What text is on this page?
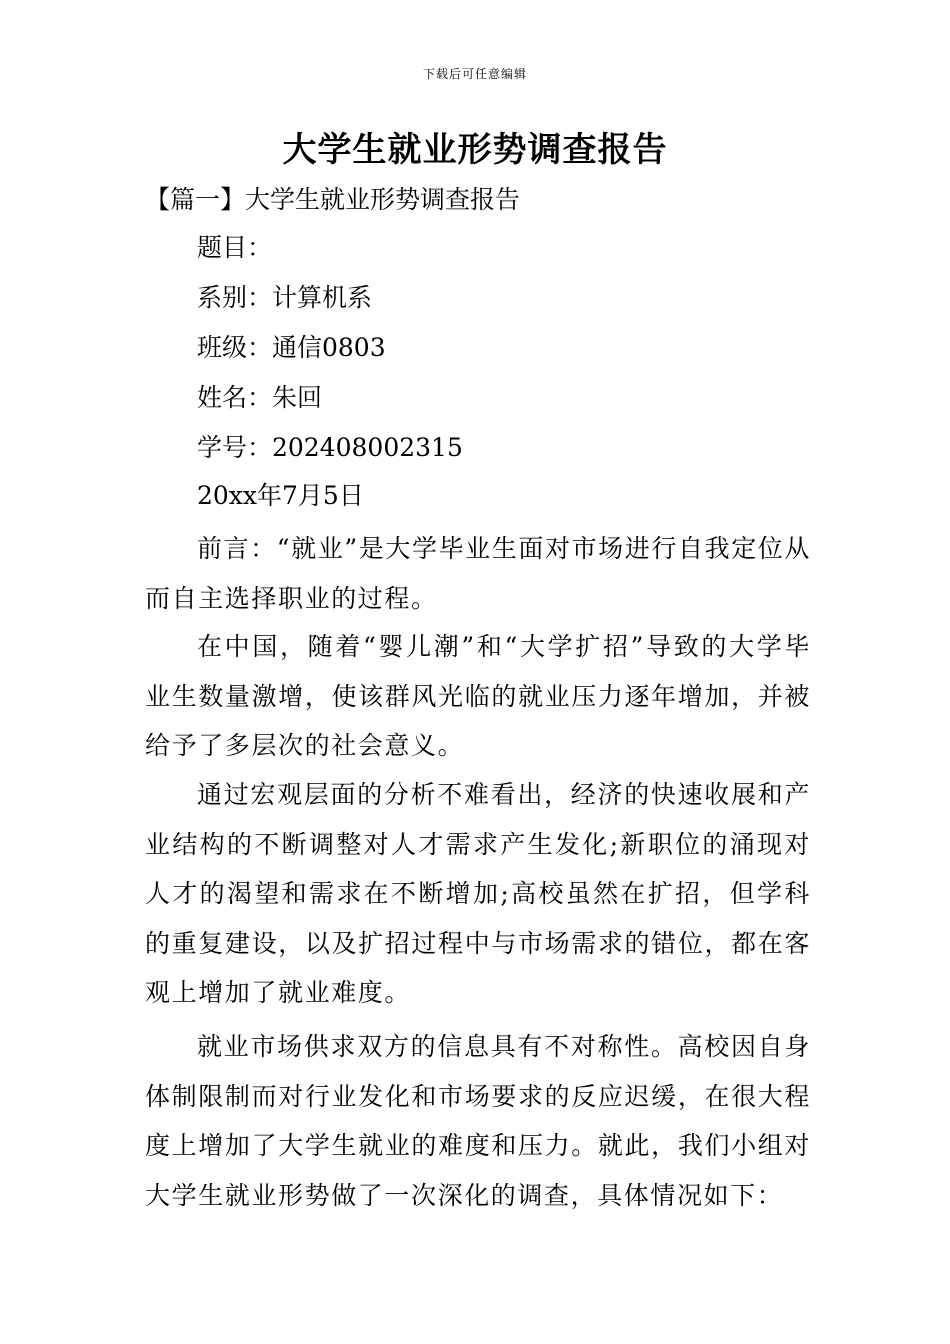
下载后可任意编辑
大学生就业形势调查报告
【篇一】大学生就业形势调查报告
题目：
系别：计算机系
班级：通信0803
姓名：朱回
学号：202408002315
20xx年7月5日

前言：“就业”是大学毕业生面对市场进行自我定位从而自主选择职业的过程。

在中国，随着“婴儿潮”和“大学扩招”导致的大学毕业生数量激增，使该群风光临的就业压力逐年增加，并被给予了多层次的社会意义。

通过宏观层面的分析不难看出，经济的快速收展和产业结构的不断调整对人才需求产生发化;新职位的涌现对人才的渴望和需求在不断增加;高校虽然在扩招，但学科的重复建设，以及扩招过程中与市场需求的错位，都在客观上增加了就业难度。

就业市场供求双方的信息具有不对称性。高校因自身体制限制而对行业发化和市场要求的反应迟缓，在很大程度上增加了大学生就业的难度和压力。就此，我们小组对大学生就业形势做了一次深化的调查，具体情况如下：
